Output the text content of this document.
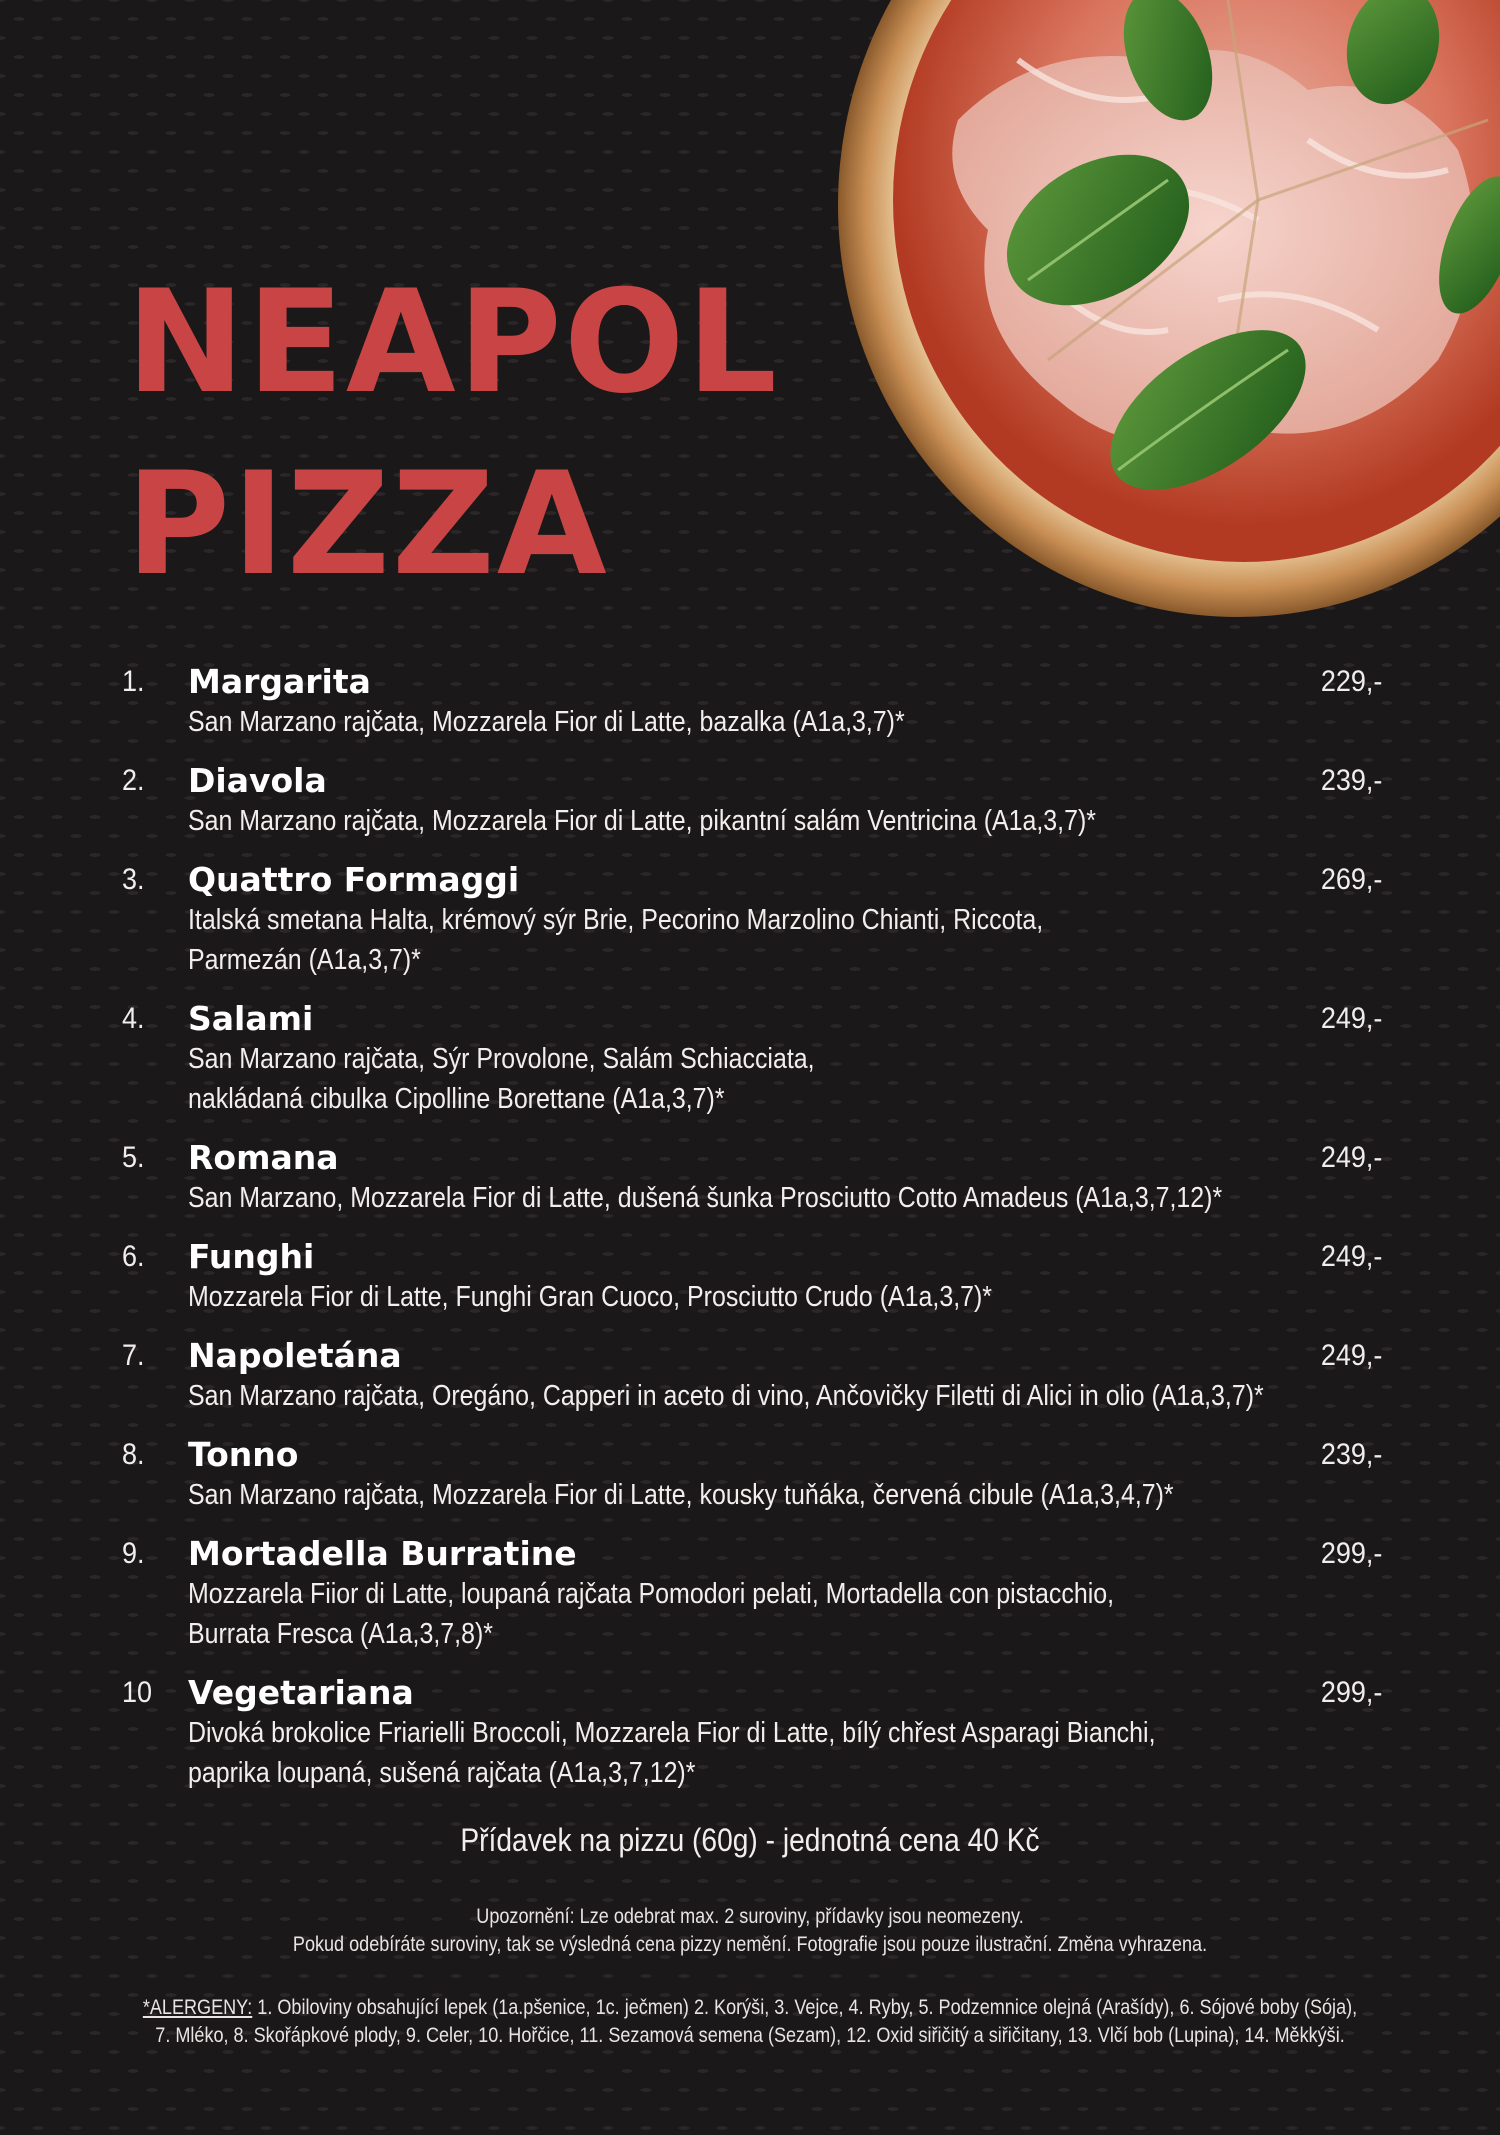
NEAPOL
PIZZA
1. Margarita	229,-
San Marzano rajčata, Mozzarela Fior di Latte, bazalka (A1a,3,7)*
2. Diavola	239,-
San Marzano rajčata, Mozzarela Fior di Latte, pikantní salám Ventricina (A1a,3,7)*
3. Quattro Formaggi	269,-
Italská smetana Halta, krémový sýr Brie, Pecorino Marzolino Chianti, Riccota,
Parmezán (A1a,3,7)*
4. Salami	249,-
San Marzano rajčata, Sýr Provolone, Salám Schiacciata,
nakládaná cibulka Cipolline Borettane (A1a,3,7)*
5. Romana	249,-
San Marzano, Mozzarela Fior di Latte, dušená šunka Prosciutto Cotto Amadeus (A1a,3,7,12)*
6. Funghi	249,-
Mozzarela Fior di Latte, Funghi Gran Cuoco, Prosciutto Crudo (A1a,3,7)*
7. Napoletána	249,-
San Marzano rajčata, Oregáno, Capperi in aceto di vino, Ančovičky Filetti di Alici in olio (A1a,3,7)*
8. Tonno	239,-
San Marzano rajčata, Mozzarela Fior di Latte, kousky tuňáka, červená cibule (A1a,3,4,7)*
9. Mortadella Burratine	299,-
Mozzarela Fiior di Latte, loupaná rajčata Pomodori pelati, Mortadella con pistacchio,
Burrata Fresca (A1a,3,7,8)*
10 Vegetariana	299,-
Divoká brokolice Friarielli Broccoli, Mozzarela Fior di Latte, bílý chřest Asparagi Bianchi,
paprika loupaná, sušená rajčata (A1a,3,7,12)*
Přídavek na pizzu (60g) - jednotná cena 40 Kč
Upozornění: Lze odebrat max. 2 suroviny, přídavky jsou neomezeny.
Pokud odebíráte suroviny, tak se výsledná cena pizzy nemění. Fotografie jsou pouze ilustrační. Změna vyhrazena.
*ALERGENY: 1. Obiloviny obsahující lepek (1a.pšenice, 1c. ječmen) 2. Korýši, 3. Vejce, 4. Ryby, 5. Podzemnice olejná (Arašídy), 6. Sójové boby (Sója),
7. Mléko, 8. Skořápkové plody, 9. Celer, 10. Hořčice, 11. Sezamová semena (Sezam), 12. Oxid siřičitý a siřičitany, 13. Vlčí bob (Lupina), 14. Měkkýši.
